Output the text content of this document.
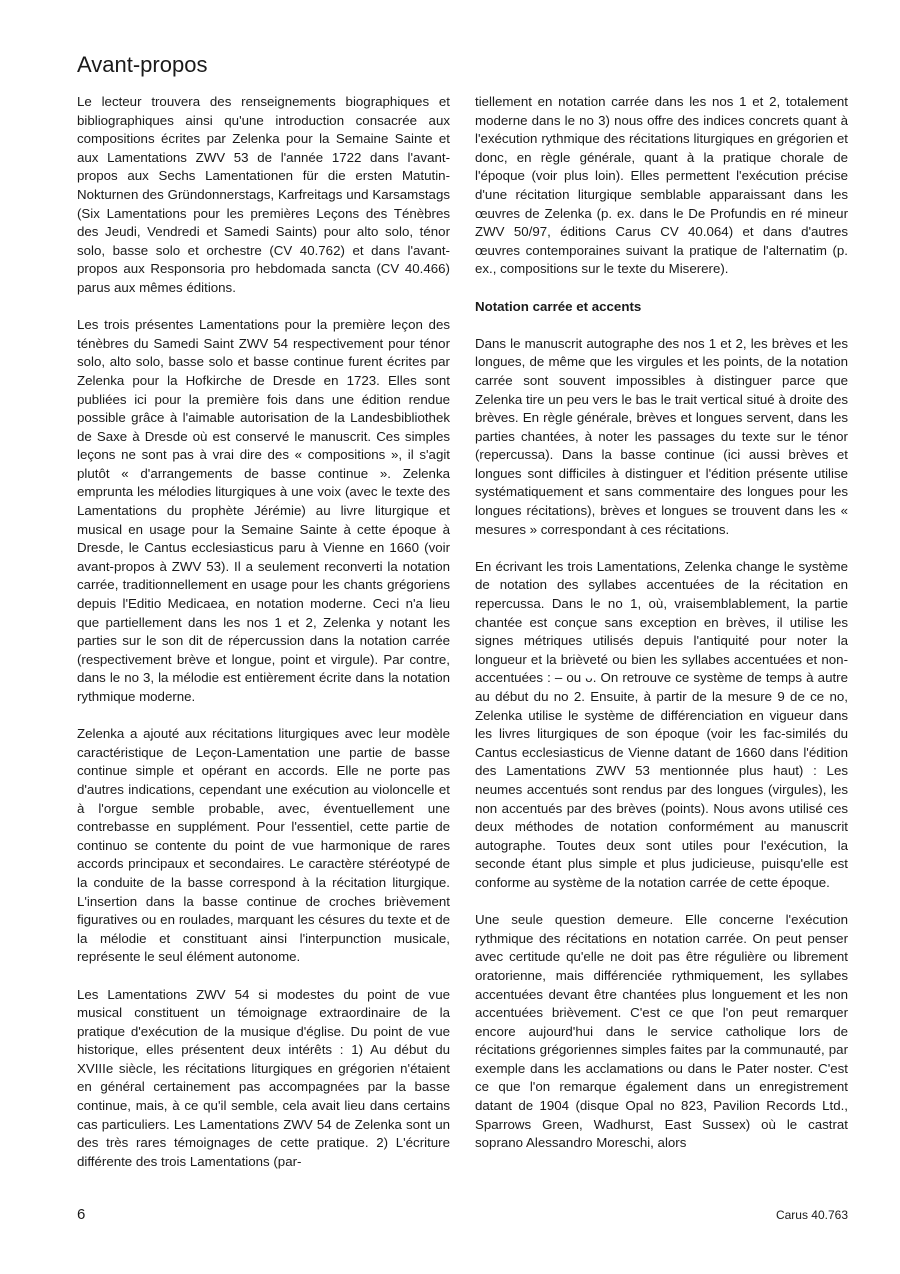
Avant-propos

Le lecteur trouvera des renseignements biographiques et bibliographiques ainsi qu'une introduction consacrée aux compositions écrites par Zelenka pour la Semaine Sainte et aux Lamentations ZWV 53 de l'année 1722 dans l'avant-propos aux Sechs Lamentationen für die ersten Matutin-Nokturnen des Gründonnerstags, Karfreitags und Karsamstags (Six Lamentations pour les premières Leçons des Ténèbres des Jeudi, Vendredi et Samedi Saints) pour alto solo, ténor solo, basse solo et orchestre (CV 40.762) et dans l'avant-propos aux Responsoria pro hebdomada sancta (CV 40.466) parus aux mêmes éditions.

Les trois présentes Lamentations pour la première leçon des ténèbres du Samedi Saint ZWV 54 respectivement pour ténor solo, alto solo, basse solo et basse continue furent écrites par Zelenka pour la Hofkirche de Dresde en 1723. Elles sont publiées ici pour la première fois dans une édition rendue possible grâce à l'aimable autorisation de la Landesbibliothek de Saxe à Dresde où est conservé le manuscrit. Ces simples leçons ne sont pas à vrai dire des « compositions », il s'agit plutôt « d'arrangements de basse continue ». Zelenka emprunta les mélodies liturgiques à une voix (avec le texte des Lamentations du prophète Jérémie) au livre liturgique et musical en usage pour la Semaine Sainte à cette époque à Dresde, le Cantus ecclesiasticus paru à Vienne en 1660 (voir avant-propos à ZWV 53). Il a seulement reconverti la notation carrée, traditionnellement en usage pour les chants grégoriens depuis l'Editio Medicaea, en notation moderne. Ceci n'a lieu que partiellement dans les nos 1 et 2, Zelenka y notant les parties sur le son dit de répercussion dans la notation carrée (respectivement brève et longue, point et virgule). Par contre, dans le no 3, la mélodie est entièrement écrite dans la notation rythmique moderne.

Zelenka a ajouté aux récitations liturgiques avec leur modèle caractéristique de Leçon-Lamentation une partie de basse continue simple et opérant en accords. Elle ne porte pas d'autres indications, cependant une exécution au violoncelle et à l'orgue semble probable, avec, éventuellement une contrebasse en supplément. Pour l'essentiel, cette partie de continuo se contente du point de vue harmonique de rares accords principaux et secondaires. Le caractère stéréotypé de la conduite de la basse correspond à la récitation liturgique. L'insertion dans la basse continue de croches brièvement figuratives ou en roulades, marquant les césures du texte et de la mélodie et constituant ainsi l'interpunction musicale, représente le seul élément autonome.

Les Lamentations ZWV 54 si modestes du point de vue musical constituent un témoignage extraordinaire de la pratique d'exécution de la musique d'église. Du point de vue historique, elles présentent deux intérêts : 1) Au début du XVIIIe siècle, les récitations liturgiques en grégorien n'étaient en général certainement pas accompagnées par la basse continue, mais, à ce qu'il semble, cela avait lieu dans certains cas particuliers. Les Lamentations ZWV 54 de Zelenka sont un des très rares témoignages de cette pratique. 2) L'écriture différente des trois Lamentations (par-

tiellement en notation carrée dans les nos 1 et 2, totalement moderne dans le no 3) nous offre des indices concrets quant à l'exécution rythmique des récitations liturgiques en grégorien et donc, en règle générale, quant à la pratique chorale de l'époque (voir plus loin). Elles permettent l'exécution précise d'une récitation liturgique semblable apparaissant dans les œuvres de Zelenka (p. ex. dans le De Profundis en ré mineur ZWV 50/97, éditions Carus CV 40.064) et dans d'autres œuvres contemporaines suivant la pratique de l'alternatim (p. ex., compositions sur le texte du Miserere).

Notation carrée et accents

Dans le manuscrit autographe des nos 1 et 2, les brèves et les longues, de même que les virgules et les points, de la notation carrée sont souvent impossibles à distinguer parce que Zelenka tire un peu vers le bas le trait vertical situé à droite des brèves. En règle générale, brèves et longues servent, dans les parties chantées, à noter les passages du texte sur le ténor (repercussa). Dans la basse continue (ici aussi brèves et longues sont difficiles à distinguer et l'édition présente utilise systématiquement et sans commentaire des longues pour les longues récitations), brèves et longues se trouvent dans les « mesures » correspondant à ces récitations.

En écrivant les trois Lamentations, Zelenka change le système de notation des syllabes accentuées de la récitation en repercussa. Dans le no 1, où, vraisemblablement, la partie chantée est conçue sans exception en brèves, il utilise les signes métriques utilisés depuis l'antiquité pour noter la longueur et la brièveté ou bien les syllabes accentuées et non-accentuées : – ou ᴗ. On retrouve ce système de temps à autre au début du no 2. Ensuite, à partir de la mesure 9 de ce no, Zelenka utilise le système de différenciation en vigueur dans les livres liturgiques de son époque (voir les fac-similés du Cantus ecclesiasticus de Vienne datant de 1660 dans l'édition des Lamentations ZWV 53 mentionnée plus haut) : Les neumes accentués sont rendus par des longues (virgules), les non accentués par des brèves (points). Nous avons utilisé ces deux méthodes de notation conformément au manuscrit autographe. Toutes deux sont utiles pour l'exécution, la seconde étant plus simple et plus judicieuse, puisqu'elle est conforme au système de la notation carrée de cette époque.

Une seule question demeure. Elle concerne l'exécution rythmique des récitations en notation carrée. On peut penser avec certitude qu'elle ne doit pas être régulière ou librement oratorienne, mais différenciée rythmiquement, les syllabes accentuées devant être chantées plus longuement et les non accentuées brièvement. C'est ce que l'on peut remarquer encore aujourd'hui dans le service catholique lors de récitations grégoriennes simples faites par la communauté, par exemple dans les acclamations ou dans le Pater noster. C'est ce que l'on remarque également dans un enregistrement datant de 1904 (disque Opal no 823, Pavilion Records Ltd., Sparrows Green, Wadhurst, East Sussex) où le castrat soprano Alessandro Moreschi, alors

6	Carus 40.763
